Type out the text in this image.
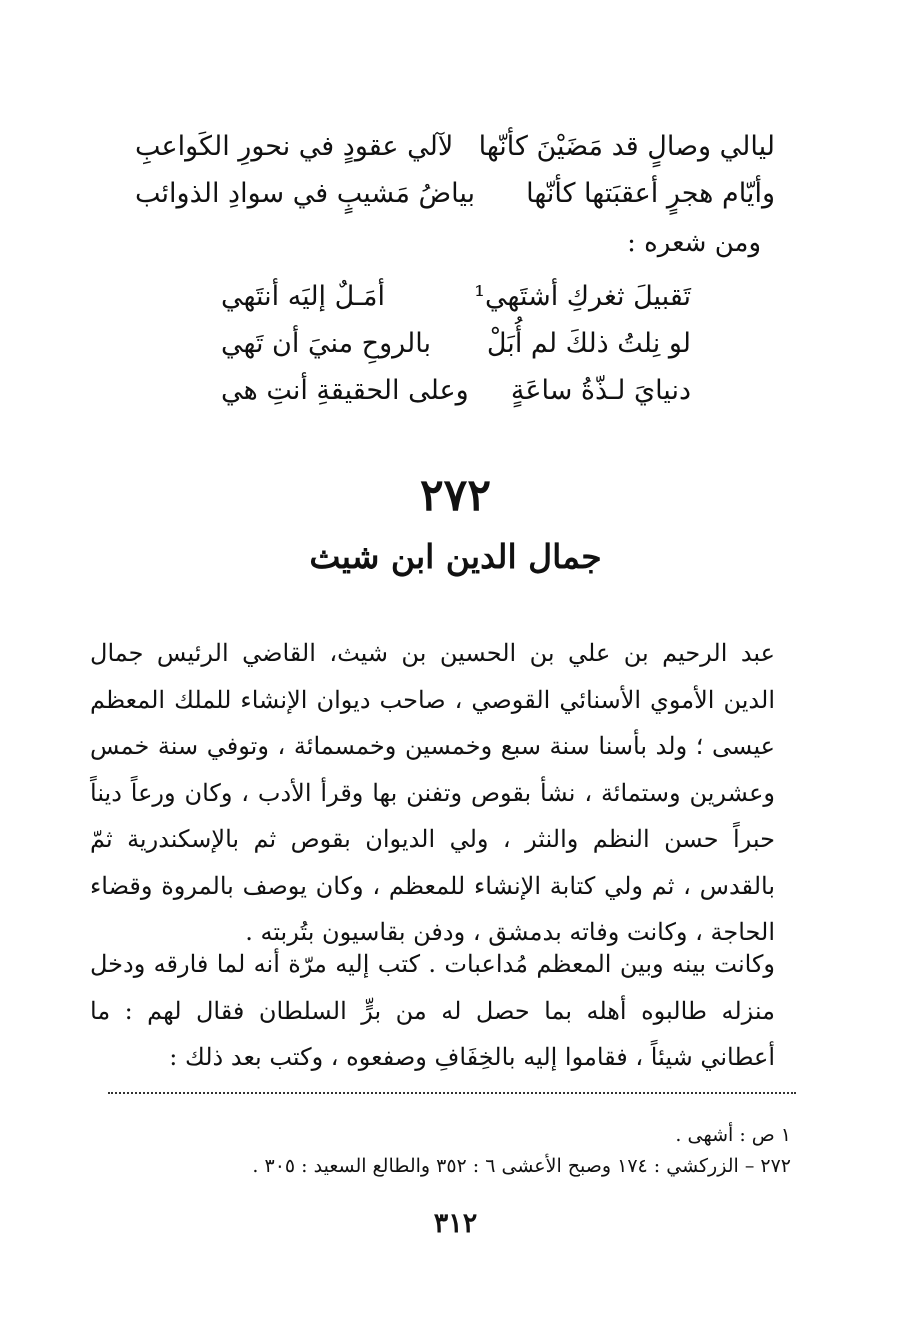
ليالي وصالٍ قد مَضَيْنَ كأنّها
لآلي عقودٍ في نحورِ الكَواعبِ
وأيّام هجرٍ أعقبَتها كأنّها
بياضُ مَشيبٍ في سوادِ الذوائب
ومن شعره :
تَقبيلَ ثغركِ أشتَهي¹
أمَـلٌ إليَه أنتَهي
لو نِلتُ ذلكَ لم أُبَلْ
بالروحِ منيَ أن تَهي
دنيايَ لـذّةُ ساعَةٍ
وعلى الحقيقةِ أنتِ هي
٢٧٢
جمال الدين ابن شيث
عبد الرحيم بن علي بن الحسين بن شيث، القاضي الرئيس جمال الدين الأموي الأسنائي القوصي ، صاحب ديوان الإنشاء للملك المعظم عيسى ؛ ولد بأسنا سنة سبع وخمسين وخمسمائة ، وتوفي سنة خمس وعشرين وستمائة ، نشأ بقوص وتفنن بها وقرأ الأدب ، وكان ورعاً ديناً حبراً حسن النظم والنثر ، ولي الديوان بقوص ثم بالإسكندرية ثمّ بالقدس ، ثم ولي كتابة الإنشاء للمعظم ، وكان يوصف بالمروة وقضاء الحاجة ، وكانت وفاته بدمشق ، ودفن بقاسيون بتُربته .
وكانت بينه وبين المعظم مُداعبات . كتب إليه مرّة أنه لما فارقه ودخل منزله طالبوه أهله بما حصل له من برٍّ السلطان فقال لهم : ما أعطاني شيئاً ، فقاموا إليه بالخِفَافِ وصفعوه ، وكتب بعد ذلك :
١ ص : أشهى .
٢٧٢ – الزركشي : ١٧٤ وصبح الأعشى ٦ : ٣٥٢ والطالع السعيد : ٣٠٥ .
٣١٢
